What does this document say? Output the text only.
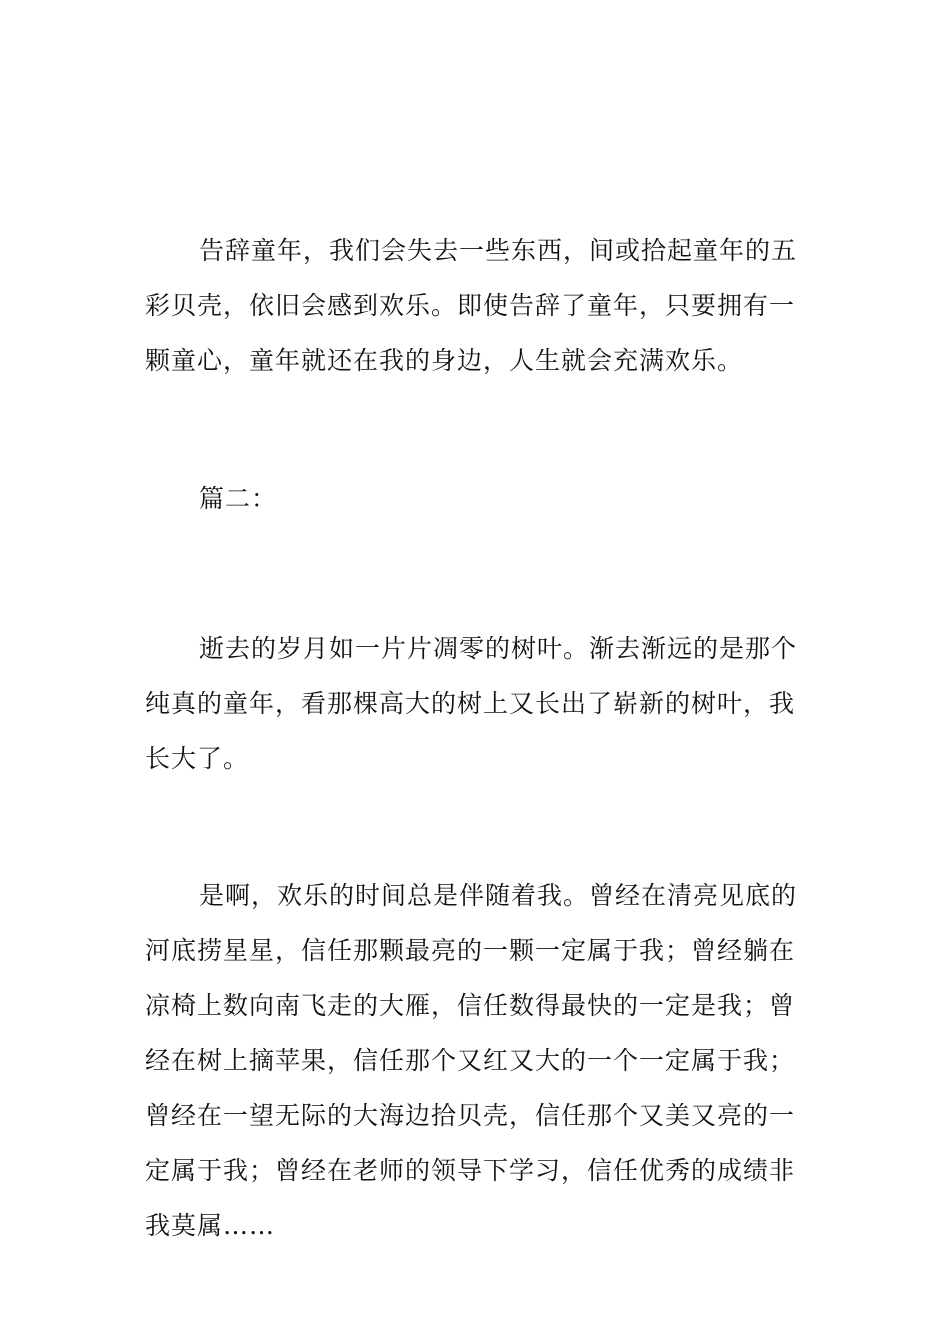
告辞童年，我们会失去一些东西，间或拾起童年的五
彩贝壳，依旧会感到欢乐。即使告辞了童年，只要拥有一
颗童心，童年就还在我的身边，人生就会充满欢乐。
篇二：
逝去的岁月如一片片凋零的树叶。渐去渐远的是那个
纯真的童年，看那棵高大的树上又长出了崭新的树叶，我
长大了。
是啊，欢乐的时间总是伴随着我。曾经在清亮见底的
河底捞星星，信任那颗最亮的一颗一定属于我；曾经躺在
凉椅上数向南飞走的大雁，信任数得最快的一定是我；曾
经在树上摘苹果，信任那个又红又大的一个一定属于我；
曾经在一望无际的大海边拾贝壳，信任那个又美又亮的一
定属于我；曾经在老师的领导下学习，信任优秀的成绩非
我莫属……
